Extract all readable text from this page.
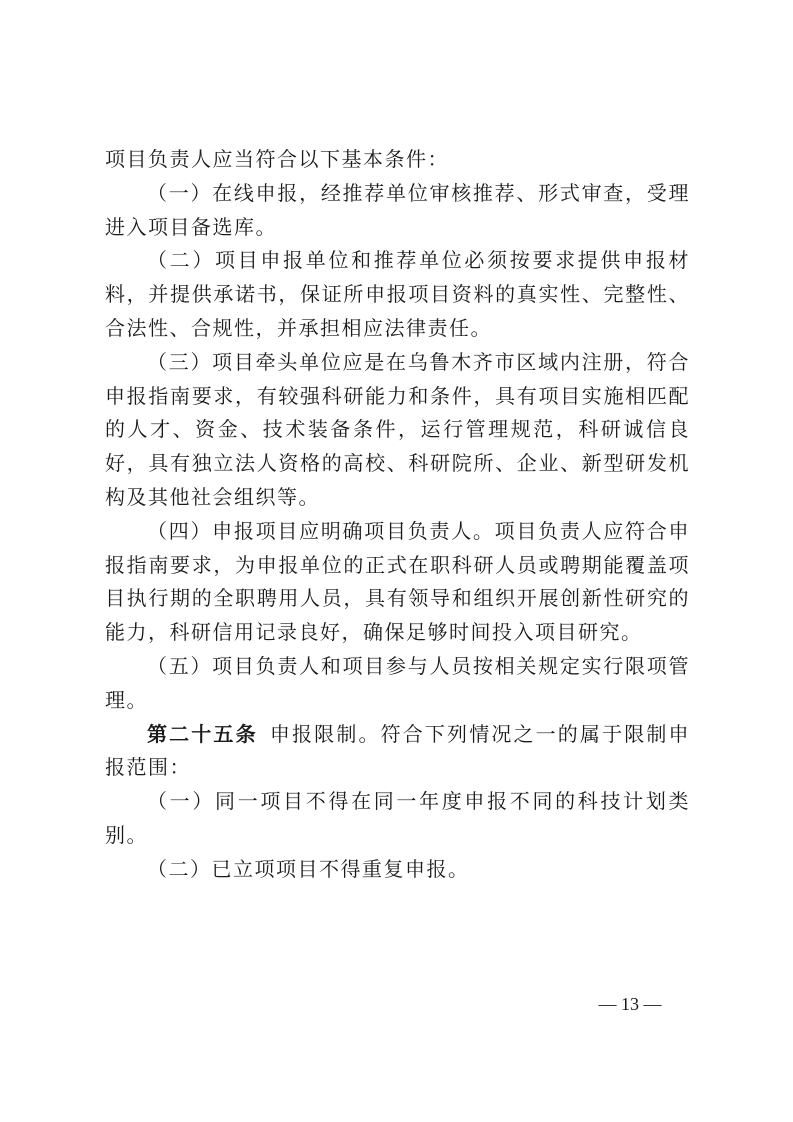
项目负责人应当符合以下基本条件：

（一）在线申报，经推荐单位审核推荐、形式审查，受理进入项目备选库。

（二）项目申报单位和推荐单位必须按要求提供申报材料，并提供承诺书，保证所申报项目资料的真实性、完整性、合法性、合规性，并承担相应法律责任。

（三）项目牵头单位应是在乌鲁木齐市区域内注册，符合申报指南要求，有较强科研能力和条件，具有项目实施相匹配的人才、资金、技术装备条件，运行管理规范，科研诚信良好，具有独立法人资格的高校、科研院所、企业、新型研发机构及其他社会组织等。

（四）申报项目应明确项目负责人。项目负责人应符合申报指南要求，为申报单位的正式在职科研人员或聘期能覆盖项目执行期的全职聘用人员，具有领导和组织开展创新性研究的能力，科研信用记录良好，确保足够时间投入项目研究。

（五）项目负责人和项目参与人员按相关规定实行限项管理。

第二十五条  申报限制。符合下列情况之一的属于限制申报范围：

（一）同一项目不得在同一年度申报不同的科技计划类别。

（二）已立项项目不得重复申报。

— 13 —
